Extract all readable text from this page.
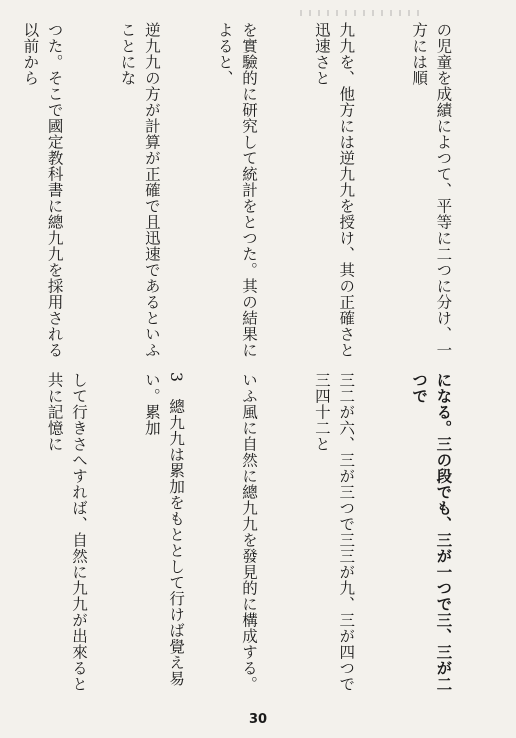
の児童を成績によつて、平等に二つに分け、一方には順

九九を、他方には逆九九を授け、其の正確さと迅速さと

を實驗的に研究して統計をとつた。其の結果によると、

逆九九の方が計算が正確で且迅速であるといふことにな

つた。そこで國定教科書に總九九を採用される以前から

になる。三の段でも、三が一つで三、三が二つで

三二が六、三が三つで三三が九、三が四つで三四十二と

いふ風に自然に總九九を發見的に構成する。

3　總九九は累加をもととして行けば覺え易い。累加

して行きさへすれば、自然に九九が出來ると共に記憶に

30
